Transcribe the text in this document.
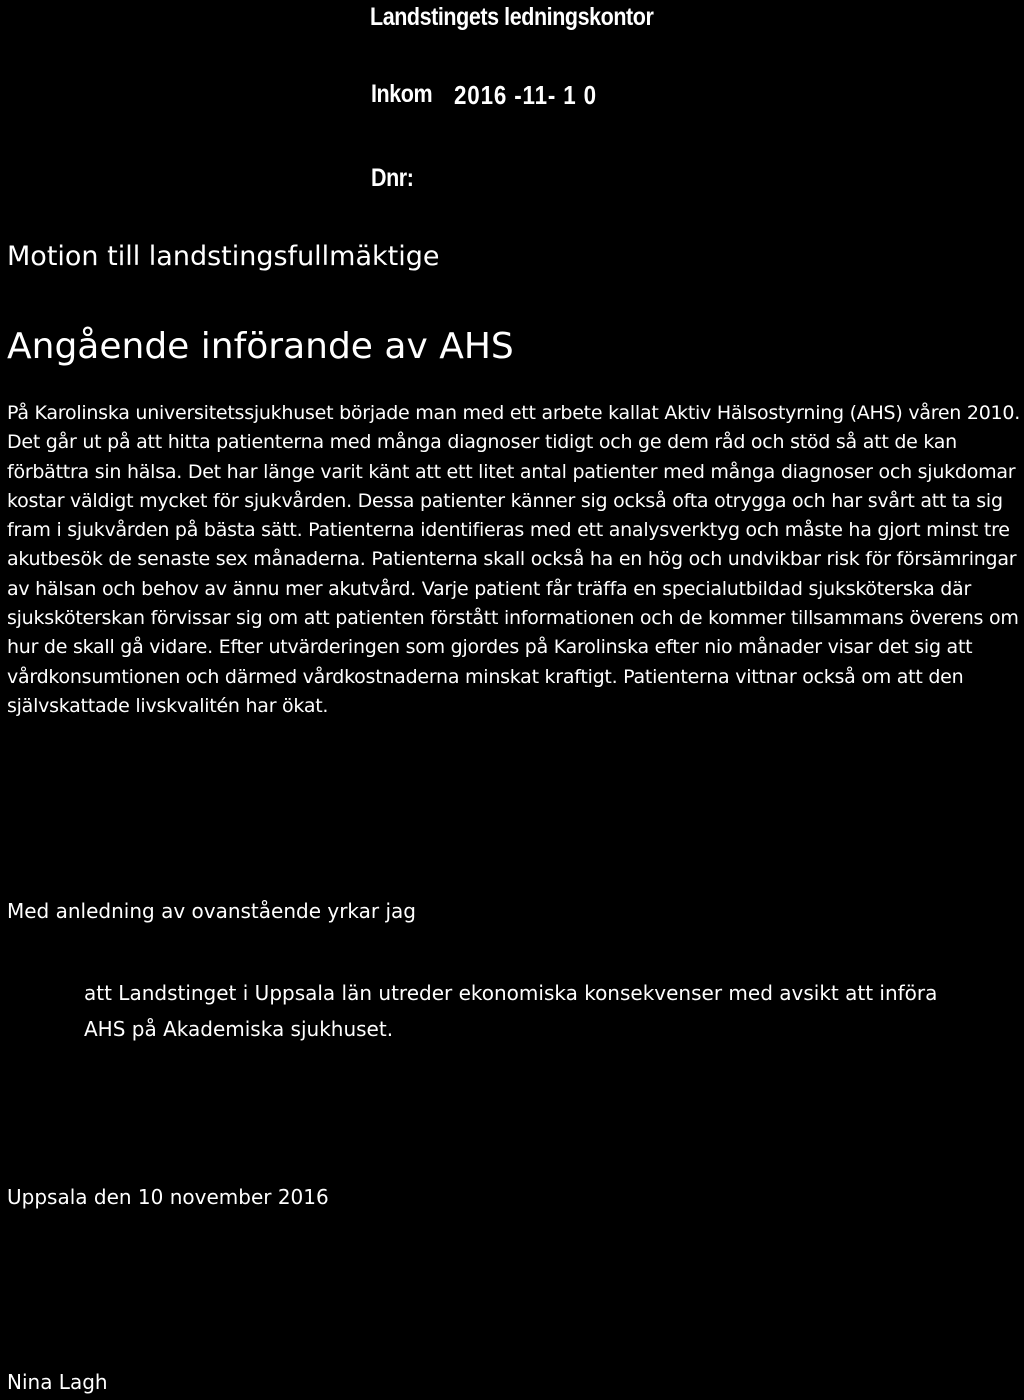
Landstingets ledningskontor
Inkom 2016 -11- 1 0
Dnr:
Motion till landstingsfullmäktige
Angående införande av AHS

På Karolinska universitetssjukhuset började man med ett arbete kallat Aktiv Hälsostyrning (AHS) våren 2010. Det går ut på att hitta patienterna med många diagnoser tidigt och ge dem råd och stöd så att de kan förbättra sin hälsa. Det har länge varit känt att ett litet antal patienter med många diagnoser och sjukdomar kostar väldigt mycket för sjukvården. Dessa patienter känner sig också ofta otrygga och har svårt att ta sig fram i sjukvården på bästa sätt. Patienterna identifieras med ett analysverktyg och måste ha gjort minst tre akutbesök de senaste sex månaderna. Patienterna skall också ha en hög och undvikbar risk för försämringar av hälsan och behov av ännu mer akutvård. Varje patient får träffa en specialutbildad sjuksköterska där sjuksköterskan förvissar sig om att patienten förstått informationen och de kommer tillsammans överens om hur de skall gå vidare. Efter utvärderingen som gjordes på Karolinska efter nio månader visar det sig att vårdkonsumtionen och därmed vårdkostnaderna minskat kraftigt. Patienterna vittnar också om att den självskattade livskvalitén har ökat.

Med anledning av ovanstående yrkar jag

att Landstinget i Uppsala län utreder ekonomiska konsekvenser med avsikt att införa AHS på Akademiska sjukhuset.

Uppsala den 10 november 2016

Nina Lagh
